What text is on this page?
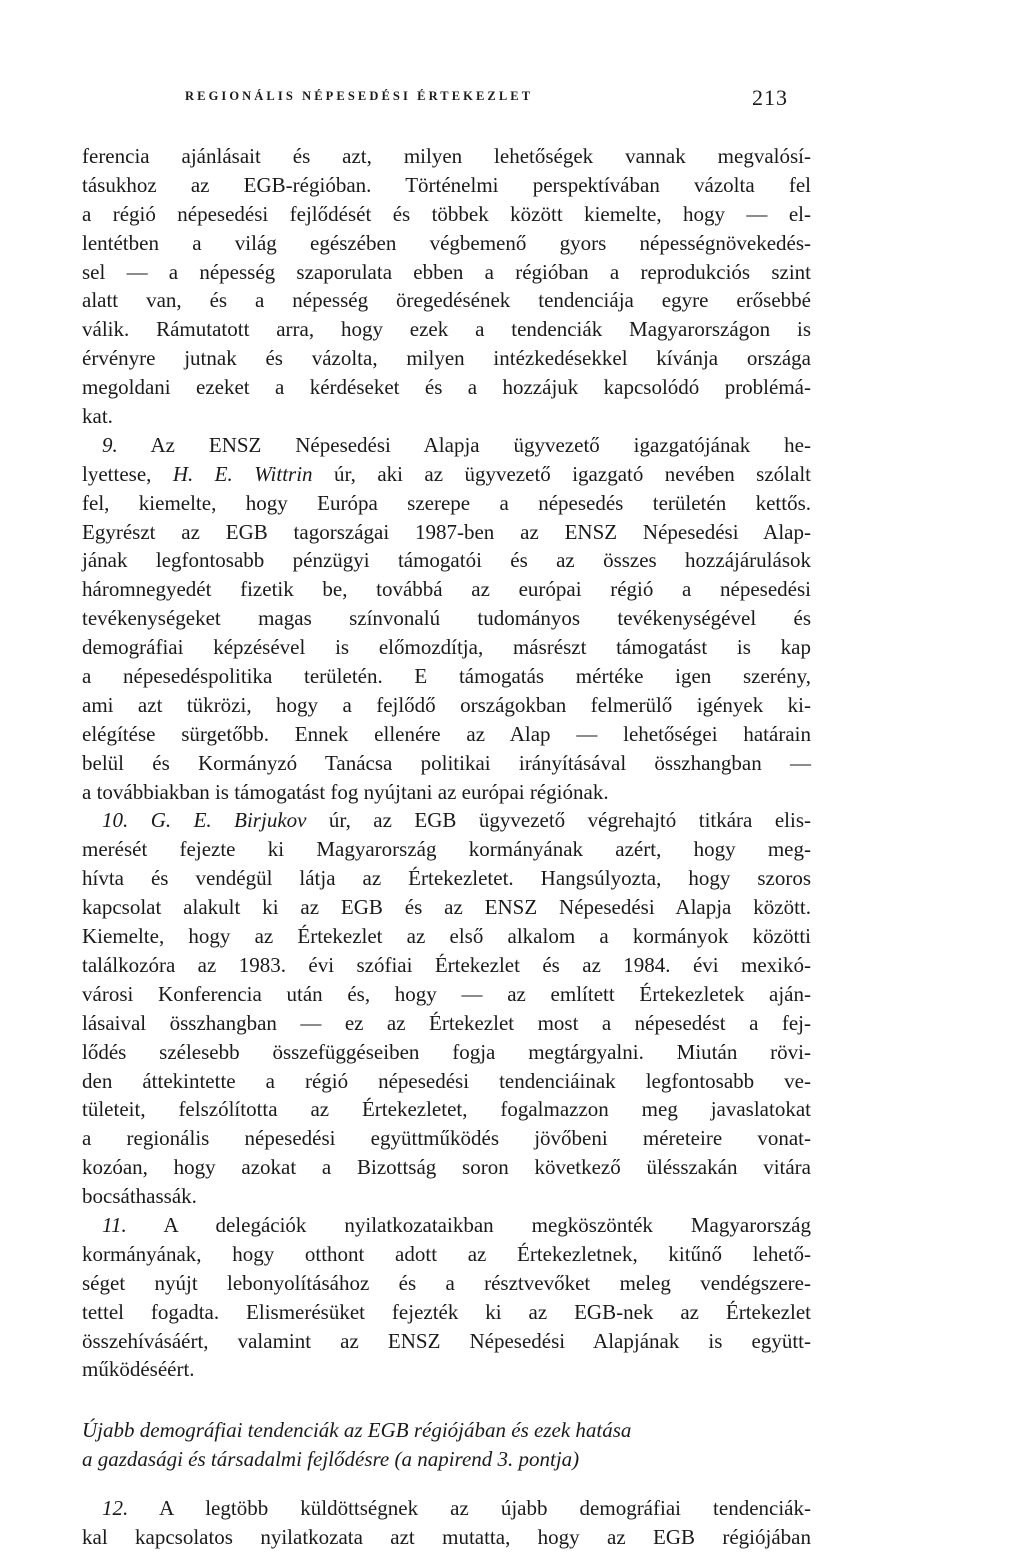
REGIONÁLIS NÉPESEDÉSI ÉRTEKEZLET	213
ferencia ajánlásait és azt, milyen lehetőségek vannak megvalósí-
tásukhoz az EGB-régióban. Történelmi perspektívában vázolta fel
a régió népesedési fejlődését és többek között kiemelte, hogy — el-
lentétben a világ egészében végbemenő gyors népességnövekedés-
sel — a népesség szaporulata ebben a régióban a reprodukciós szint
alatt van, és a népesség öregedésének tendenciája egyre erősebbé
válik. Rámutatott arra, hogy ezek a tendenciák Magyarországon is
érvényre jutnak és vázolta, milyen intézkedésekkel kívánja országa
megoldani ezeket a kérdéseket és a hozzájuk kapcsolódó problémá-
kat.
9. Az ENSZ Népesedési Alapja ügyvezető igazgatójának he-
lyettese, H. E. Wittrin úr, aki az ügyvezető igazgató nevében szólalt
fel, kiemelte, hogy Európa szerepe a népesedés területén kettős.
Egyrészt az EGB tagországai 1987-ben az ENSZ Népesedési Alap-
jának legfontosabb pénzügyi támogatói és az összes hozzájárulások
háromnegyedét fizetik be, továbbá az európai régió a népesedési
tevékenységeket magas színvonalú tudományos tevékenységével és
demográfiai képzésével is előmozdítja, másrészt támogatást is kap
a népesedéspolitika területén. E támogatás mértéke igen szerény,
ami azt tükrözi, hogy a fejlődő országokban felmerülő igények ki-
elégítése sürgetőbb. Ennek ellenére az Alap — lehetőségei határain
belül és Kormányzó Tanácsa politikai irányításával összhangban —
a továbbiakban is támogatást fog nyújtani az európai régiónak.
10. G. E. Birjukov úr, az EGB ügyvezető végrehajtó titkára elis-
merését fejezte ki Magyarország kormányának azért, hogy meg-
hívta és vendégül látja az Értekezletet. Hangsúlyozta, hogy szoros
kapcsolat alakult ki az EGB és az ENSZ Népesedési Alapja között.
Kiemelte, hogy az Értekezlet az első alkalom a kormányok közötti
találkozóra az 1983. évi szófiai Értekezlet és az 1984. évi mexikó-
városi Konferencia után és, hogy — az említett Értekezletek aján-
lásaival összhangban — ez az Értekezlet most a népesedést a fej-
lődés szélesebb összefüggéseiben fogja megtárgyalni. Miután rövi-
den áttekintette a régió népesedési tendenciáinak legfontosabb ve-
tületeit, felszólította az Értekezletet, fogalmazzon meg javaslatokat
a regionális népesedési együttműködés jövőbeni méreteire vonat-
kozóan, hogy azokat a Bizottság soron következő ülésszakán vitára
bocsáthassák.
11. A delegációk nyilatkozataikban megköszönték Magyarország
kormányának, hogy otthont adott az Értekezletnek, kitűnő lehető-
séget nyújt lebonyolításához és a résztvevőket meleg vendégszere-
tettel fogadta. Elismerésüket fejezték ki az EGB-nek az Értekezlet
összehívásáért, valamint az ENSZ Népesedési Alapjának is együtt-
működéséért.
Újabb demográfiai tendenciák az EGB régiójában és ezek hatása
a gazdasági és társadalmi fejlődésre (a napirend 3. pontja)
12. A legtöbb küldöttségnek az újabb demográfiai tendenciák-
kal kapcsolatos nyilatkozata azt mutatta, hogy az EGB régiójában
